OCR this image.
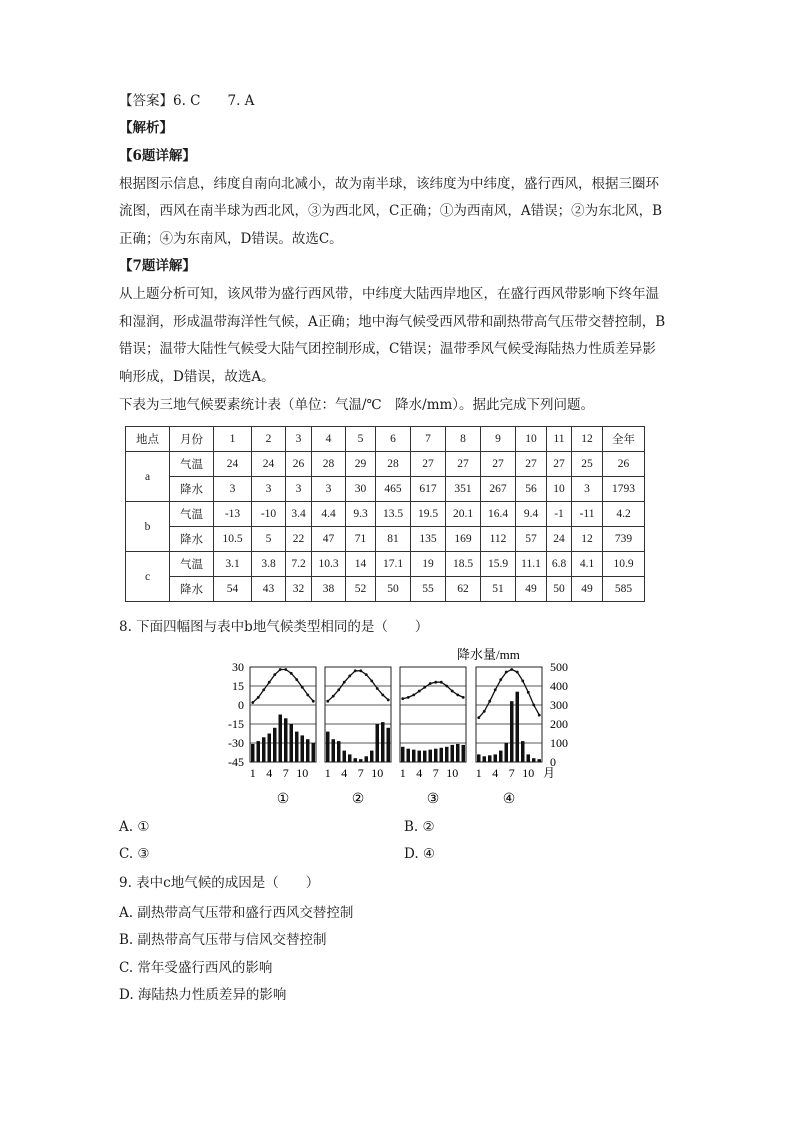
【答案】6. C　　7. A
【解析】
【6题详解】
根据图示信息，纬度自南向北减小，故为南半球，该纬度为中纬度，盛行西风，根据三圈环
流图，西风在南半球为西北风，③为西北风，C正确；①为西南风，A错误；②为东北风，B
正确；④为东南风，D错误。故选C。
【7题详解】
从上题分析可知，该风带为盛行西风带，中纬度大陆西岸地区，在盛行西风带影响下终年温
和湿润，形成温带海洋性气候，A正确；地中海气候受西风带和副热带高气压带交替控制，B
错误；温带大陆性气候受大陆气团控制形成，C错误；温带季风气候受海陆热力性质差异影
响形成，D错误，故选A。
下表为三地气候要素统计表（单位：气温/℃　降水/mm）。据此完成下列问题。
地点	月份	1	2	3	4	5	6	7	8	9	10	11	12	全年
a	气温	24	24	26	28	29	28	27	27	27	27	27	25	26
	降水	3	3	3	3	30	465	617	351	267	56	10	3	1793
b	气温	-13	-10	3.4	4.4	9.3	13.5	19.5	20.1	16.4	9.4	-1	-11	4.2
	降水	10.5	5	22	47	71	81	135	169	112	57	24	12	739
c	气温	3.1	3.8	7.2	10.3	14	17.1	19	18.5	15.9	11.1	6.8	4.1	10.9
	降水	54	43	32	38	52	50	55	62	51	49	50	49	585
8. 下面四幅图与表中b地气候类型相同的是（　　）
降水量/mm
30
15
0
-15
-30
-45
500
400
300
200
100
0
1 4 7 10
①
1 4 7 10
②
1 4 7 10
③
1 4 7 10 月
④
A. ①	B. ②
C. ③	D. ④
9. 表中c地气候的成因是（　　）
A. 副热带高气压带和盛行西风交替控制
B. 副热带高气压带与信风交替控制
C. 常年受盛行西风的影响
D. 海陆热力性质差异的影响
